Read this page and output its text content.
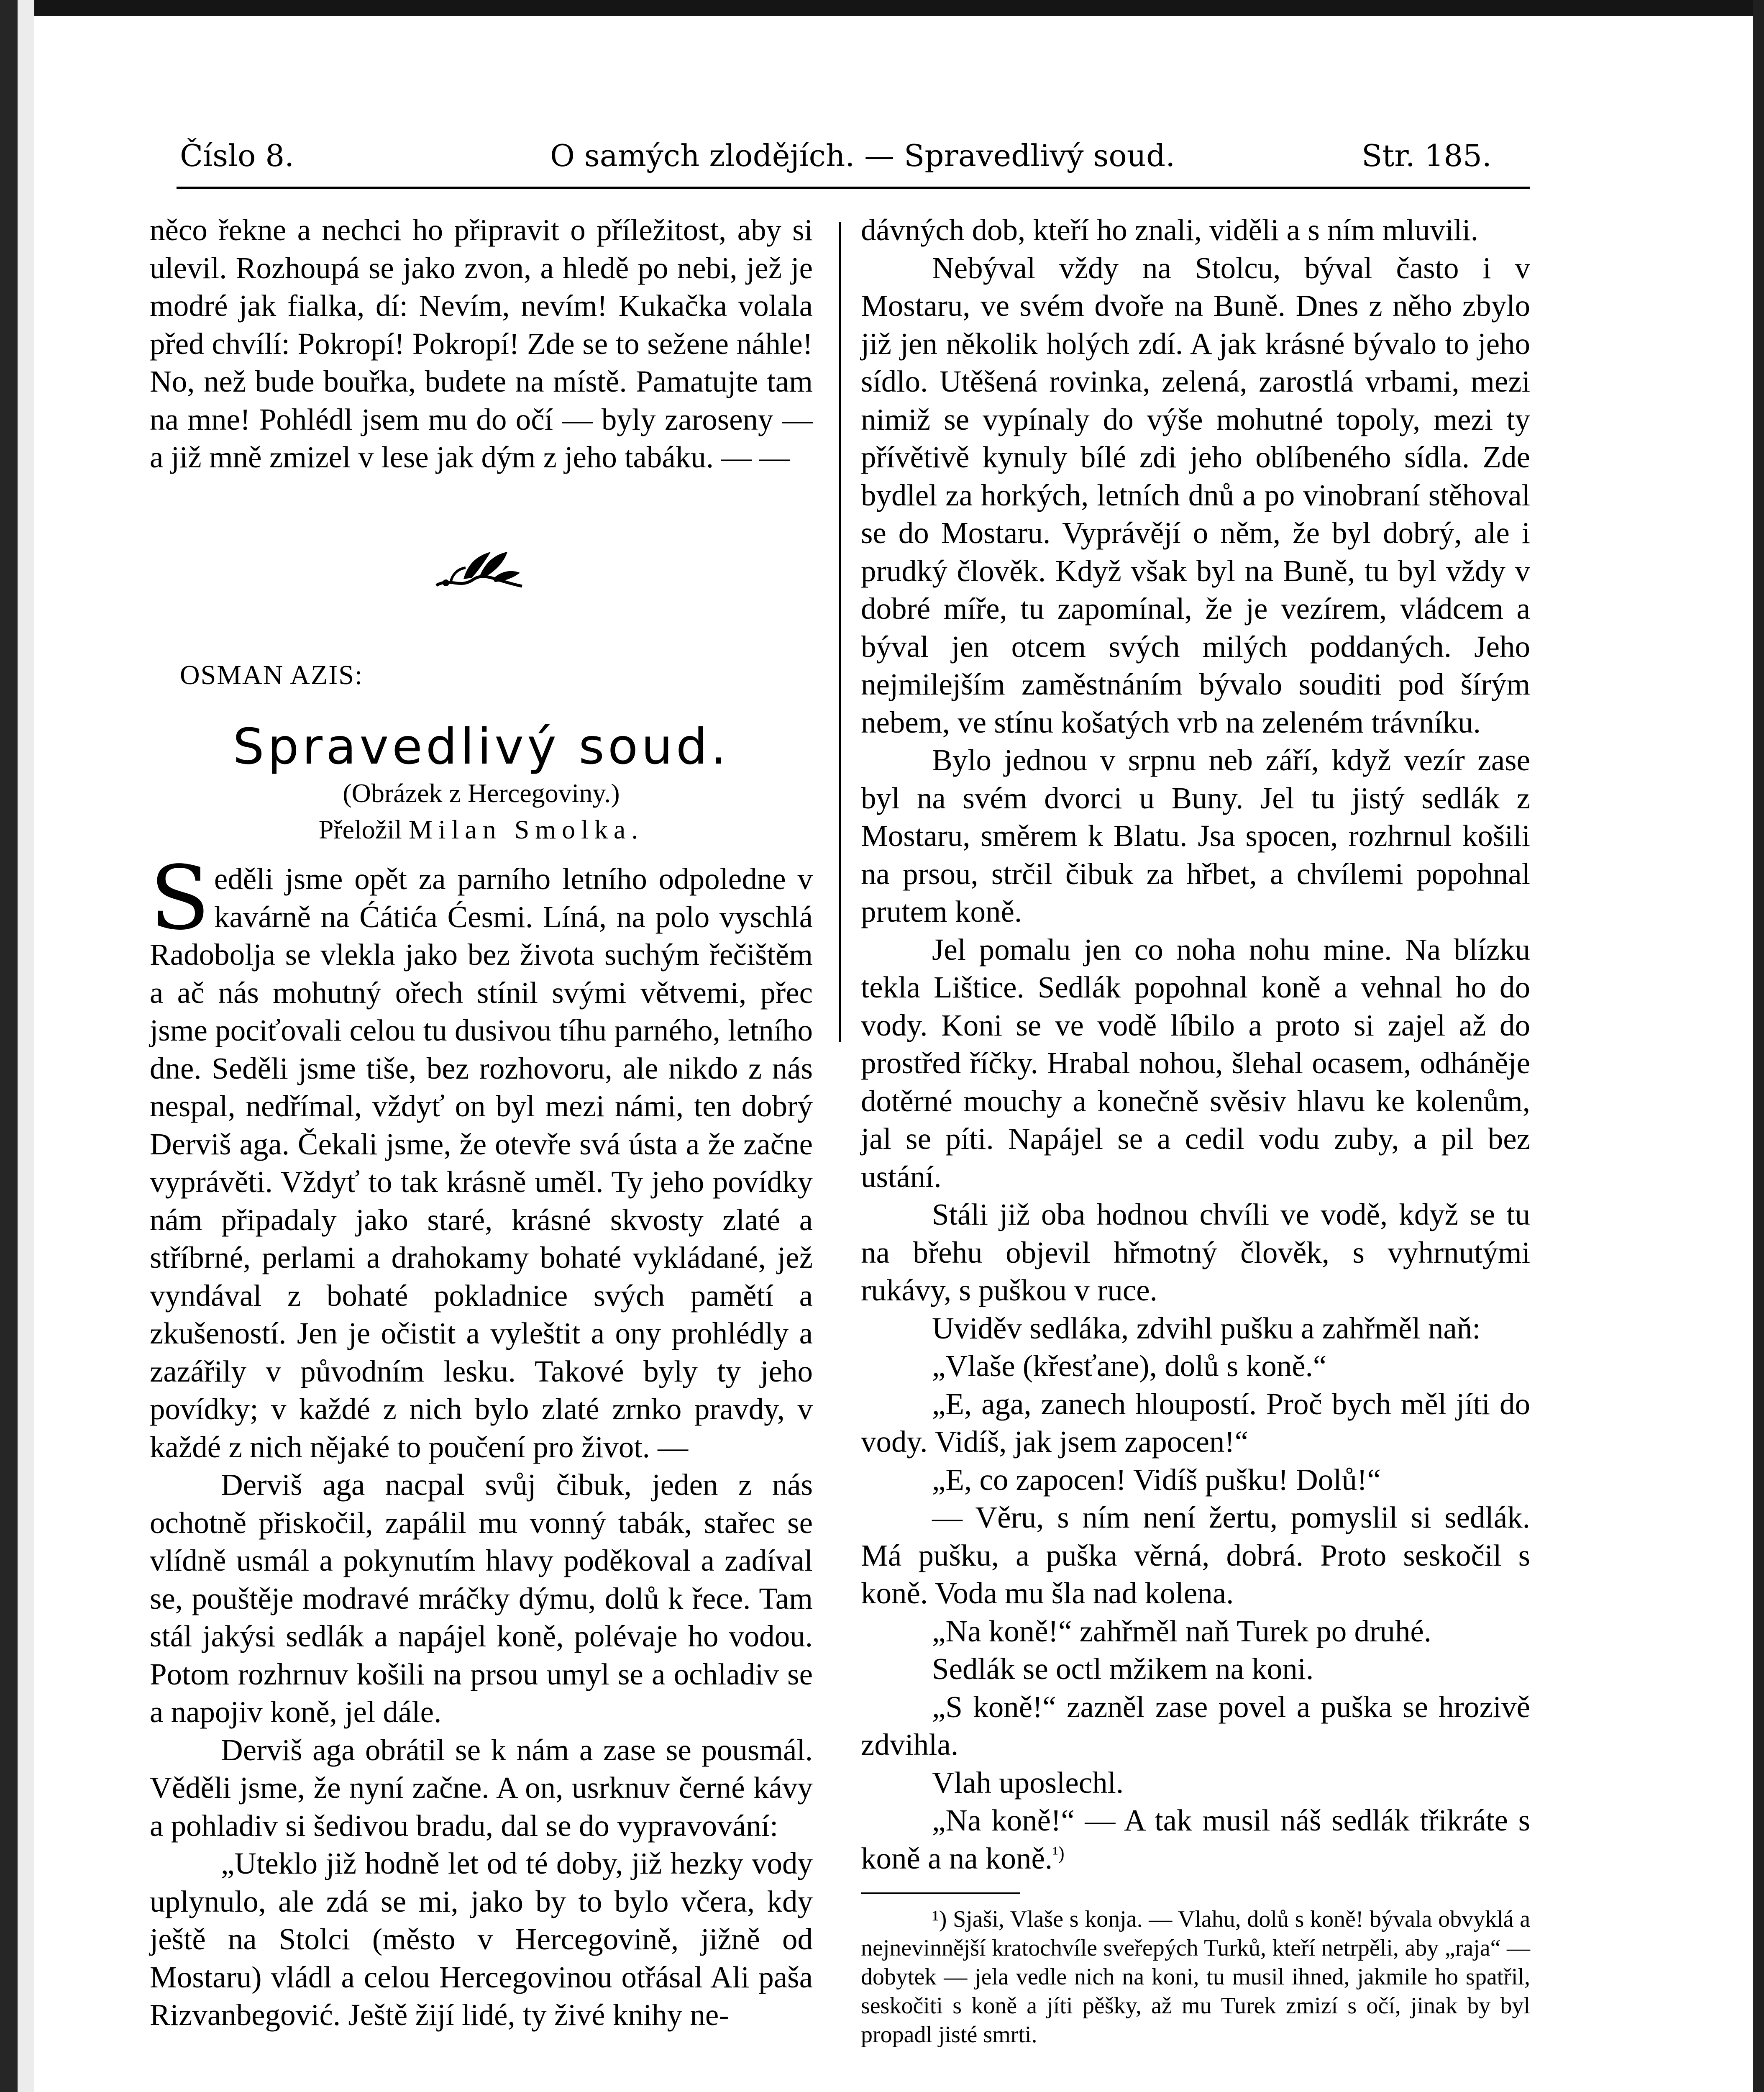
Číslo 8.	O samých zlodějích. — Spravedlivý soud.	Str. 185.

něco řekne a nechci ho připravit o příležitost, aby si ulevil. Rozhoupá se jako zvon, a hledě po nebi, jež je modré jak fialka, dí: Nevím, nevím! Kukačka volala před chvílí: Pokropí! Pokropí! Zde se to sežene náhle! No, než bude bouřka, budete na místě. Pamatujte tam na mne! Pohlédl jsem mu do očí — byly zaroseny — a již mně zmizel v lese jak dým z jeho tabáku. — —

OSMAN AZIS:

Spravedlivý soud.

(Obrázek z Hercegoviny.)

Přeložil Milan Smolka.

Seděli jsme opět za parního letního odpoledne v kavárně na Ćátića Ćesmi. Líná, na polo vyschlá Radobolja se vlekla jako bez života suchým řečištěm a ač nás mohutný ořech stínil svými větvemi, přec jsme pociťovali celou tu dusivou tíhu parného, letního dne. Seděli jsme tiše, bez rozhovoru, ale nikdo z nás nespal, nedřímal, vždyť on byl mezi námi, ten dobrý Derviš aga. Čekali jsme, že otevře svá ústa a že začne vyprávěti. Vždyť to tak krásně uměl. Ty jeho povídky nám připadaly jako staré, krásné skvosty zlaté a stříbrné, perlami a drahokamy bohaté vykládané, jež vyndával z bohaté pokladnice svých pamětí a zkušeností. Jen je očistit a vyleštit a ony prohlédly a zazářily v původním lesku. Takové byly ty jeho povídky; v každé z nich bylo zlaté zrnko pravdy, v každé z nich nějaké to poučení pro život. —

Derviš aga nacpal svůj čibuk, jeden z nás ochotně přiskočil, zapálil mu vonný tabák, stařec se vlídně usmál a pokynutím hlavy poděkoval a zadíval se, pouštěje modravé mráčky dýmu, dolů k řece. Tam stál jakýsi sedlák a napájel koně, polévaje ho vodou. Potom rozhrnuv košili na prsou umyl se a ochladiv se a napojiv koně, jel dále.

Derviš aga obrátil se k nám a zase se pousmál. Věděli jsme, že nyní začne. A on, usrknuv černé kávy a pohladiv si šedivou bradu, dal se do vypravování:

„Uteklo již hodně let od té doby, již hezky vody uplynulo, ale zdá se mi, jako by to bylo včera, kdy ještě na Stolci (město v Hercegovině, jižně od Mostaru) vládl a celou Hercegovinou otřásal Ali paša Rizvanbegović. Ještě žijí lidé, ty živé knihy ne-

dávných dob, kteří ho znali, viděli a s ním mluvili.

Nebýval vždy na Stolcu, býval často i v Mostaru, ve svém dvoře na Buně. Dnes z něho zbylo již jen několik holých zdí. A jak krásné bývalo to jeho sídlo. Utěšená rovinka, zelená, zarostlá vrbami, mezi nimiž se vypínaly do výše mohutné topoly, mezi ty přívětivě kynuly bílé zdi jeho oblíbeného sídla. Zde bydlel za horkých, letních dnů a po vinobraní stěhoval se do Mostaru. Vyprávějí o něm, že byl dobrý, ale i prudký člověk. Když však byl na Buně, tu byl vždy v dobré míře, tu zapomínal, že je vezírem, vládcem a býval jen otcem svých milých poddaných. Jeho nejmilejším zaměstnáním bývalo souditi pod šírým nebem, ve stínu košatých vrb na zeleném trávníku.

Bylo jednou v srpnu neb září, když vezír zase byl na svém dvorci u Buny. Jel tu jistý sedlák z Mostaru, směrem k Blatu. Jsa spocen, rozhrnul košili na prsou, strčil čibuk za hřbet, a chvílemi popohnal prutem koně.

Jel pomalu jen co noha nohu mine. Na blízku tekla Lištice. Sedlák popohnal koně a vehnal ho do vody. Koni se ve vodě líbilo a proto si zajel až do prostřed říčky. Hrabal nohou, šlehal ocasem, odháněje dotěrné mouchy a konečně svěsiv hlavu ke kolenům, jal se píti. Napájel se a cedil vodu zuby, a pil bez ustání.

Stáli již oba hodnou chvíli ve vodě, když se tu na břehu objevil hřmotný člověk, s vyhrnutými rukávy, s puškou v ruce.

Uviděv sedláka, zdvihl pušku a zahřměl naň:

„Vlaše (křesťane), dolů s koně.“

„E, aga, zanech hloupostí. Proč bych měl jíti do vody. Vidíš, jak jsem zapocen!“

„E, co zapocen! Vidíš pušku! Dolů!“

— Věru, s ním není žertu, pomyslil si sedlák. Má pušku, a puška věrná, dobrá. Proto seskočil s koně. Voda mu šla nad kolena.

„Na koně!“ zahřměl naň Turek po druhé.

Sedlák se octl mžikem na koni.

„S koně!“ zazněl zase povel a puška se hrozivě zdvihla.

Vlah uposlechl.

„Na koně!“ — A tak musil náš sedlák třikráte s koně a na koně.$^{^1)}$

¹) Sjaši, Vlaše s konja. — Vlahu, dolů s koně! bývala obvyklá a nejnevinnější kratochvíle sveřepých Turků, kteří netrpěli, aby „raja“ — dobytek — jela vedle nich na koni, tu musil ihned, jakmile ho spatřil, seskočiti s koně a jíti pěšky, až mu Turek zmizí s očí, jinak by byl propadl jisté smrti.
